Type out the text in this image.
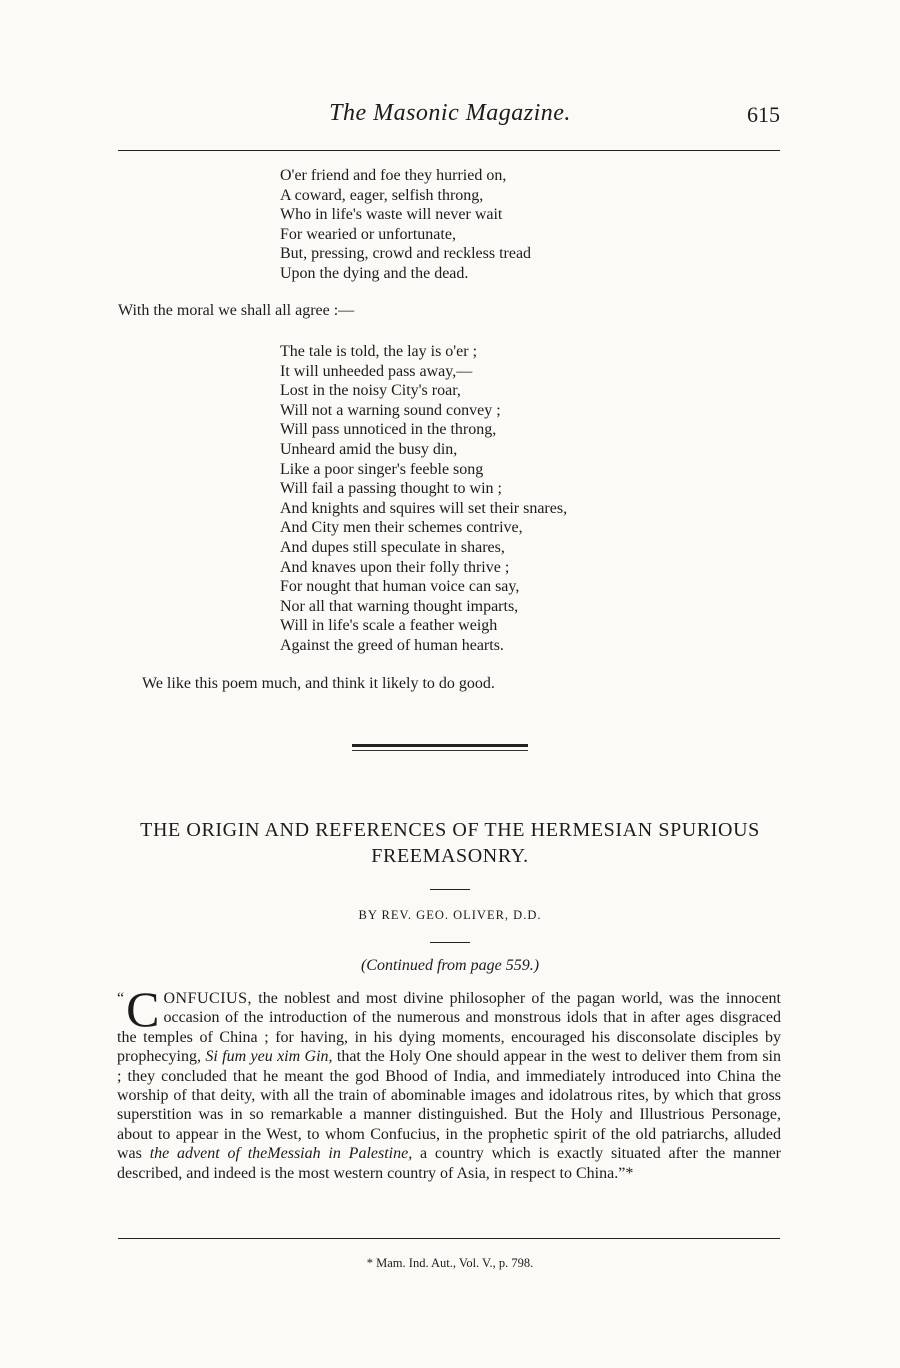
The Masonic Magazine.	615
O'er friend and foe they hurried on,
A coward, eager, selfish throng,
Who in life's waste will never wait
For wearied or unfortunate,
But, pressing, crowd and reckless tread
Upon the dying and the dead.
With the moral we shall all agree :—
The tale is told, the lay is o'er ;
It will unheeded pass away,—
Lost in the noisy City's roar,
Will not a warning sound convey ;
Will pass unnoticed in the throng,
Unheard amid the busy din,
Like a poor singer's feeble song
Will fail a passing thought to win ;
And knights and squires will set their snares,
And City men their schemes contrive,
And dupes still speculate in shares,
And knaves upon their folly thrive ;
For nought that human voice can say,
Nor all that warning thought imparts,
Will in life's scale a feather weigh
Against the greed of human hearts.
We like this poem much, and think it likely to do good.
THE ORIGIN AND REFERENCES OF THE HERMESIAN SPURIOUS
FREEMASONRY.
BY REV. GEO. OLIVER, D.D.
(Continued from page 559.)
“ C ONFUCIUS, the noblest and most divine philosopher of the pagan world, was the innocent occasion of the introduction of the numerous and monstrous idols that in after ages disgraced the temples of China ; for having, in his dying moments, encouraged his disconsolate disciples by prophecying, Si fum yeu xim Gin, that the Holy One should appear in the west to deliver them from sin ; they concluded that he meant the god Bhood of India, and immediately introduced into China the worship of that deity, with all the train of abominable images and idolatrous rites, by which that gross superstition was in so remarkable a manner distinguished. But the Holy and Illustrious Personage, about to appear in the West, to whom Confucius, in the prophetic spirit of the old patriarchs, alluded was the advent of theMessiah in Palestine, a country which is exactly situated after the manner described, and indeed is the most western country of Asia, in respect to China.”*
* Mam. Ind. Aut., Vol. V., p. 798.
